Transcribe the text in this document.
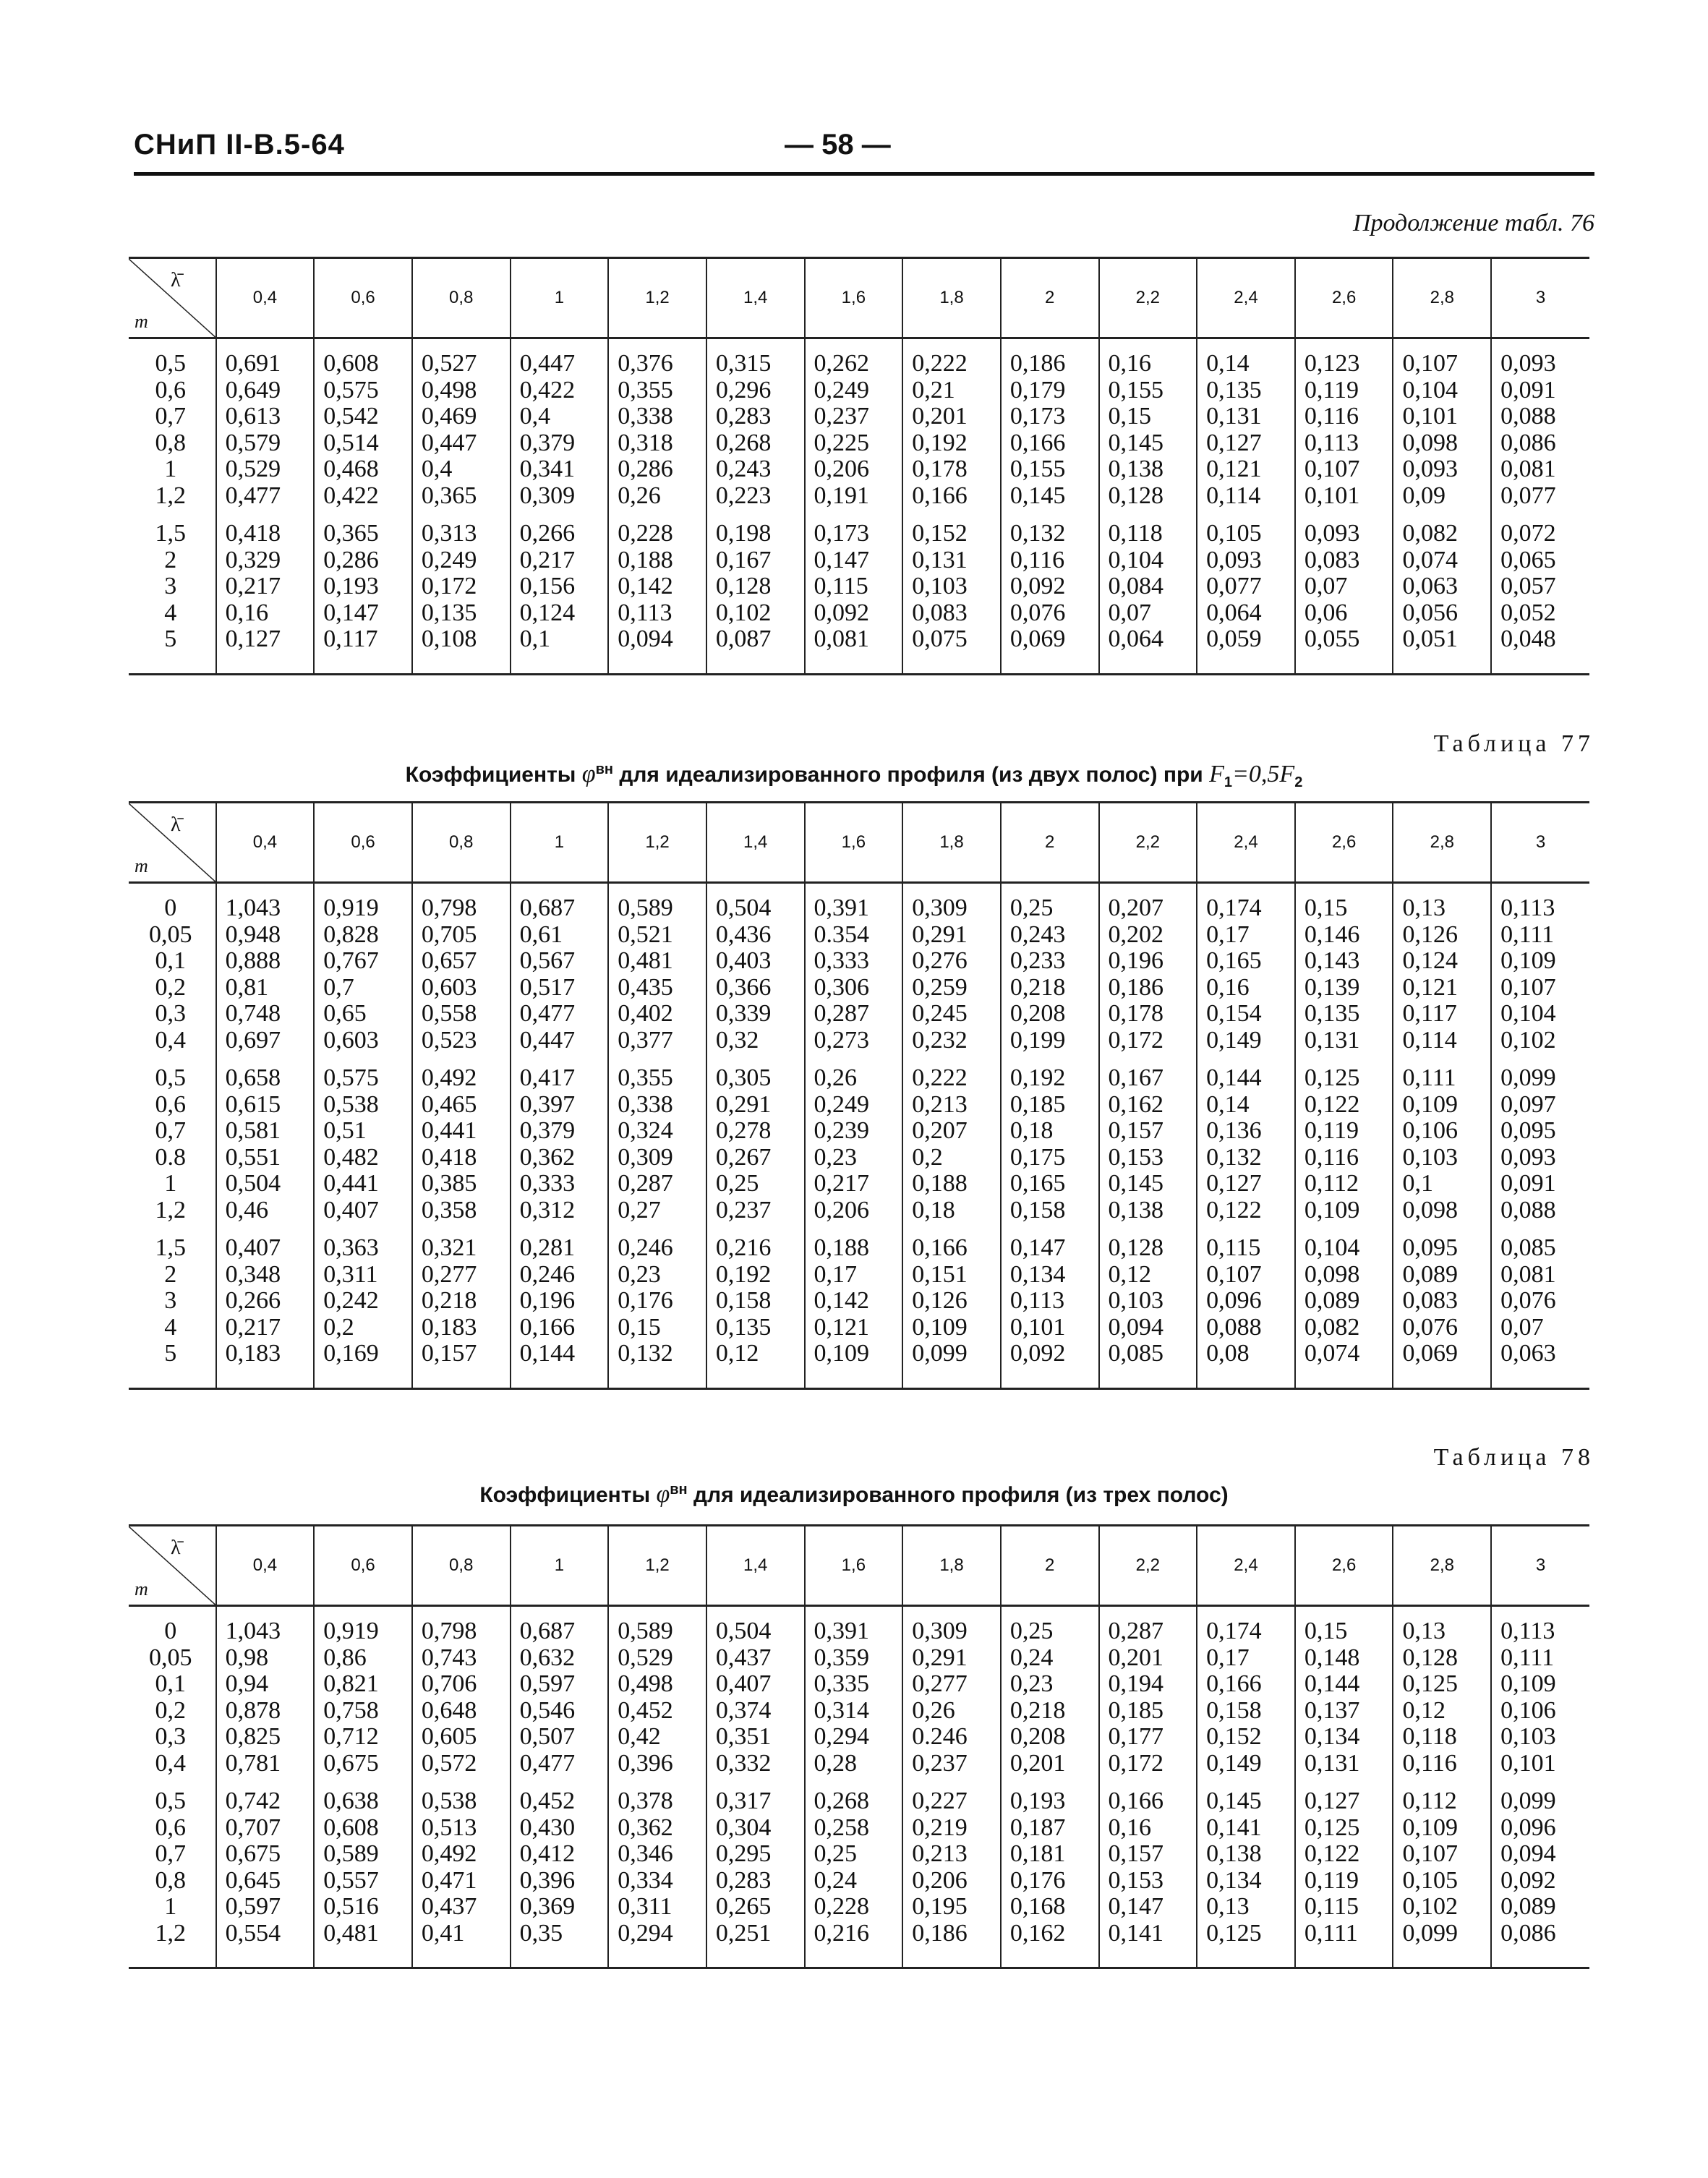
СНиП II-В.5-64	— 58 —
Продолжение табл. 76
λ̄
m	0,4	0,6	0,8	1	1,2	1,4	1,6	1,8	2	2,2	2,4	2,6	2,8	3
0,5	0,691	0,608	0,527	0,447	0,376	0,315	0,262	0,222	0,186	0,16	0,14	0,123	0,107	0,093
0,6	0,649	0,575	0,498	0,422	0,355	0,296	0,249	0,21	0,179	0,155	0,135	0,119	0,104	0,091
0,7	0,613	0,542	0,469	0,4	0,338	0,283	0,237	0,201	0,173	0,15	0,131	0,116	0,101	0,088
0,8	0,579	0,514	0,447	0,379	0,318	0,268	0,225	0,192	0,166	0,145	0,127	0,113	0,098	0,086
1	0,529	0,468	0,4	0,341	0,286	0,243	0,206	0,178	0,155	0,138	0,121	0,107	0,093	0,081
1,2	0,477	0,422	0,365	0,309	0,26	0,223	0,191	0,166	0,145	0,128	0,114	0,101	0,09	0,077
1,5	0,418	0,365	0,313	0,266	0,228	0,198	0,173	0,152	0,132	0,118	0,105	0,093	0,082	0,072
2	0,329	0,286	0,249	0,217	0,188	0,167	0,147	0,131	0,116	0,104	0,093	0,083	0,074	0,065
3	0,217	0,193	0,172	0,156	0,142	0,128	0,115	0,103	0,092	0,084	0,077	0,07	0,063	0,057
4	0,16	0,147	0,135	0,124	0,113	0,102	0,092	0,083	0,076	0,07	0,064	0,06	0,056	0,052
5	0,127	0,117	0,108	0,1	0,094	0,087	0,081	0,075	0,069	0,064	0,059	0,055	0,051	0,048
Таблица 77
Коэффициенты $\varphi^{вн}$ для идеализированного профиля (из двух полос) при $F_1=0,5F_2$
λ̄
m	0,4	0,6	0,8	1	1,2	1,4	1,6	1,8	2	2,2	2,4	2,6	2,8	3
0	1,043	0,919	0,798	0,687	0,589	0,504	0,391	0,309	0,25	0,207	0,174	0,15	0,13	0,113
0,05	0,948	0,828	0,705	0,61	0,521	0,436	0.354	0,291	0,243	0,202	0,17	0,146	0,126	0,111
0,1	0,888	0,767	0,657	0,567	0,481	0,403	0,333	0,276	0,233	0,196	0,165	0,143	0,124	0,109
0,2	0,81	0,7	0,603	0,517	0,435	0,366	0,306	0,259	0,218	0,186	0,16	0,139	0,121	0,107
0,3	0,748	0,65	0,558	0,477	0,402	0,339	0,287	0,245	0,208	0,178	0,154	0,135	0,117	0,104
0,4	0,697	0,603	0,523	0,447	0,377	0,32	0,273	0,232	0,199	0,172	0,149	0,131	0,114	0,102
0,5	0,658	0,575	0,492	0,417	0,355	0,305	0,26	0,222	0,192	0,167	0,144	0,125	0,111	0,099
0,6	0,615	0,538	0,465	0,397	0,338	0,291	0,249	0,213	0,185	0,162	0,14	0,122	0,109	0,097
0,7	0,581	0,51	0,441	0,379	0,324	0,278	0,239	0,207	0,18	0,157	0,136	0,119	0,106	0,095
0.8	0,551	0,482	0,418	0,362	0,309	0,267	0,23	0,2	0,175	0,153	0,132	0,116	0,103	0,093
1	0,504	0,441	0,385	0,333	0,287	0,25	0,217	0,188	0,165	0,145	0,127	0,112	0,1	0,091
1,2	0,46	0,407	0,358	0,312	0,27	0,237	0,206	0,18	0,158	0,138	0,122	0,109	0,098	0,088
1,5	0,407	0,363	0,321	0,281	0,246	0,216	0,188	0,166	0,147	0,128	0,115	0,104	0,095	0,085
2	0,348	0,311	0,277	0,246	0,23	0,192	0,17	0,151	0,134	0,12	0,107	0,098	0,089	0,081
3	0,266	0,242	0,218	0,196	0,176	0,158	0,142	0,126	0,113	0,103	0,096	0,089	0,083	0,076
4	0,217	0,2	0,183	0,166	0,15	0,135	0,121	0,109	0,101	0,094	0,088	0,082	0,076	0,07
5	0,183	0,169	0,157	0,144	0,132	0,12	0,109	0,099	0,092	0,085	0,08	0,074	0,069	0,063
Таблица 78
Коэффициенты $\varphi^{вн}$ для идеализированного профиля (из трех полос)
λ̄
m	0,4	0,6	0,8	1	1,2	1,4	1,6	1,8	2	2,2	2,4	2,6	2,8	3
0	1,043	0,919	0,798	0,687	0,589	0,504	0,391	0,309	0,25	0,287	0,174	0,15	0,13	0,113
0,05	0,98	0,86	0,743	0,632	0,529	0,437	0,359	0,291	0,24	0,201	0,17	0,148	0,128	0,111
0,1	0,94	0,821	0,706	0,597	0,498	0,407	0,335	0,277	0,23	0,194	0,166	0,144	0,125	0,109
0,2	0,878	0,758	0,648	0,546	0,452	0,374	0,314	0,26	0,218	0,185	0,158	0,137	0,12	0,106
0,3	0,825	0,712	0,605	0,507	0,42	0,351	0,294	0.246	0,208	0,177	0,152	0,134	0,118	0,103
0,4	0,781	0,675	0,572	0,477	0,396	0,332	0,28	0,237	0,201	0,172	0,149	0,131	0,116	0,101
0,5	0,742	0,638	0,538	0,452	0,378	0,317	0,268	0,227	0,193	0,166	0,145	0,127	0,112	0,099
0,6	0,707	0,608	0,513	0,430	0,362	0,304	0,258	0,219	0,187	0,16	0,141	0,125	0,109	0,096
0,7	0,675	0,589	0,492	0,412	0,346	0,295	0,25	0,213	0,181	0,157	0,138	0,122	0,107	0,094
0,8	0,645	0,557	0,471	0,396	0,334	0,283	0,24	0,206	0,176	0,153	0,134	0,119	0,105	0,092
1	0,597	0,516	0,437	0,369	0,311	0,265	0,228	0,195	0,168	0,147	0,13	0,115	0,102	0,089
1,2	0,554	0,481	0,41	0,35	0,294	0,251	0,216	0,186	0,162	0,141	0,125	0,111	0,099	0,086
